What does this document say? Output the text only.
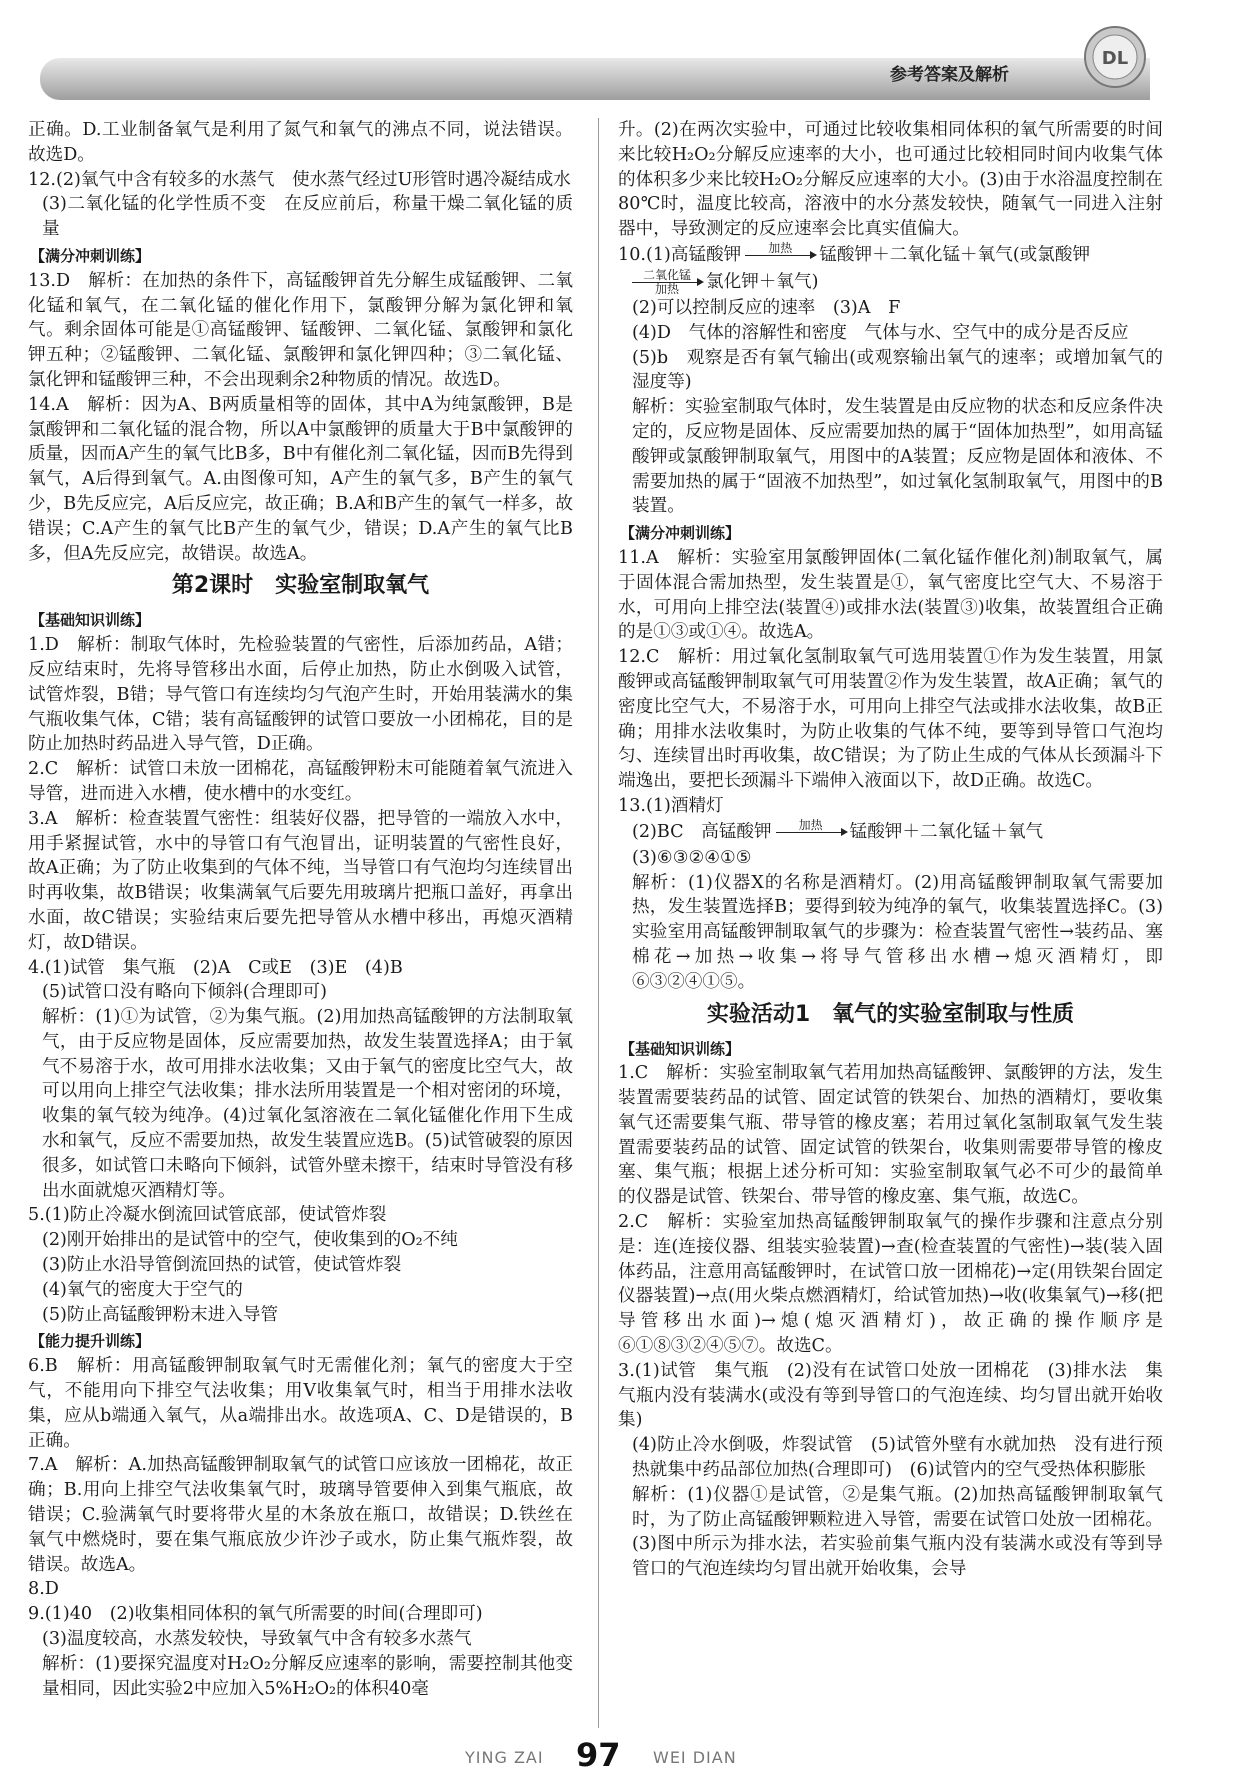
参考答案及解析
DL

正确。D.工业制备氧气是利用了氮气和氧气的沸点不同，说法错误。故选D。

12.(2)氧气中含有较多的水蒸气　使水蒸气经过U形管时遇冷凝结成水

(3)二氧化锰的化学性质不变　在反应前后，称量干燥二氧化锰的质量

【 满分冲刺训练 】

13.D　解析：在加热的条件下，高锰酸钾首先分解生成锰酸钾、二氧化锰和氧气，在二氧化锰的催化作用下，氯酸钾分解为氯化钾和氧气。剩余固体可能是①高锰酸钾、锰酸钾、二氧化锰、氯酸钾和氯化钾五种；②锰酸钾、二氧化锰、氯酸钾和氯化钾四种；③二氧化锰、氯化钾和锰酸钾三种，不会出现剩余2种物质的情况。故选D。

14.A　解析：因为A、B两质量相等的固体，其中A为纯氯酸钾，B是氯酸钾和二氧化锰的混合物，所以A中氯酸钾的质量大于B中氯酸钾的质量，因而A产生的氧气比B多，B中有催化剂二氧化锰，因而B先得到氧气，A后得到氧气。A.由图像可知，A产生的氧气多，B产生的氧气少，B先反应完，A后反应完，故正确；B.A和B产生的氧气一样多，故错误；C.A产生的氧气比B产生的氧气少，错误；D.A产生的氧气比B多，但A先反应完，故错误。故选A。

第2课时　实验室制取氧气
【 基础知识训练 】

1.D　解析：制取气体时，先检验装置的气密性，后添加药品，A错；反应结束时，先将导管移出水面，后停止加热，防止水倒吸入试管，试管炸裂，B错；导气管口有连续均匀气泡产生时，开始用装满水的集气瓶收集气体，C错；装有高锰酸钾的试管口要放一小团棉花，目的是防止加热时药品进入导气管，D正确。

2.C　解析：试管口未放一团棉花，高锰酸钾粉末可能随着氧气流进入导管，进而进入水槽，使水槽中的水变红。

3.A　解析：检查装置气密性：组装好仪器，把导管的一端放入水中，用手紧握试管，水中的导管口有气泡冒出，证明装置的气密性良好，故A正确；为了防止收集到的气体不纯，当导管口有气泡均匀连续冒出时再收集，故B错误；收集满氧气后要先用玻璃片把瓶口盖好，再拿出水面，故C错误；实验结束后要先把导管从水槽中移出，再熄灭酒精灯，故D错误。

4.(1)试管　集气瓶　(2)A　C或E　(3)E　(4)B

(5)试管口没有略向下倾斜(合理即可)

解析：(1)①为试管，②为集气瓶。(2)用加热高锰酸钾的方法制取氧气，由于反应物是固体，反应需要加热，故发生装置选择A；由于氧气不易溶于水，故可用排水法收集；又由于氧气的密度比空气大，故可以用向上排空气法收集；排水法所用装置是一个相对密闭的环境，收集的氧气较为纯净。(4)过氧化氢溶液在二氧化锰催化作用下生成水和氧气，反应不需要加热，故发生装置应选B。(5)试管破裂的原因很多，如试管口未略向下倾斜，试管外壁未擦干，结束时导管没有移出水面就熄灭酒精灯等。

5.(1)防止冷凝水倒流回试管底部，使试管炸裂

(2)刚开始排出的是试管中的空气，使收集到的O₂不纯

(3)防止水沿导管倒流回热的试管，使试管炸裂

(4)氧气的密度大于空气的

(5)防止高锰酸钾粉末进入导管

【 能力提升训练 】

6.B　解析：用高锰酸钾制取氧气时无需催化剂；氧气的密度大于空气，不能用向下排空气法收集；用V收集氧气时，相当于用排水法收集，应从b端通入氧气，从a端排出水。故选项A、C、D是错误的，B正确。

7.A　解析：A.加热高锰酸钾制取氧气的试管口应该放一团棉花，故正确；B.用向上排空气法收集氧气时，玻璃导管要伸入到集气瓶底，故错误；C.验满氧气时要将带火星的木条放在瓶口，故错误；D.铁丝在氧气中燃烧时，要在集气瓶底放少许沙子或水，防止集气瓶炸裂，故错误。故选A。

8.D

9.(1)40　(2)收集相同体积的氧气所需要的时间(合理即可)

(3)温度较高，水蒸发较快，导致氧气中含有较多水蒸气

解析：(1)要探究温度对H₂O₂分解反应速率的影响，需要控制其他变量相同，因此实验2中应加入5%H₂O₂的体积40毫

升。(2)在两次实验中，可通过比较收集相同体积的氧气所需要的时间来比较H₂O₂分解反应速率的大小，也可通过比较相同时间内收集气体的体积多少来比较H₂O₂分解反应速率的大小。(3)由于水浴温度控制在80℃时，温度比较高，溶液中的水分蒸发较快，随氧气一同进入注射器中，导致测定的反应速率会比真实值偏大。

10.(1)高锰酸钾 加热
锰酸钾＋二氧化锰＋氧气(或氯酸钾
二氧化锰
加热 氯化钾＋氧气)

(2)可以控制反应的速率　(3)A　F

(4)D　气体的溶解性和密度　气体与水、空气中的成分是否反应

(5)b　观察是否有氧气输出(或观察输出氧气的速率；或增加氧气的湿度等)

解析：实验室制取气体时，发生装置是由反应物的状态和反应条件决定的，反应物是固体、反应需要加热的属于“固体加热型”，如用高锰酸钾或氯酸钾制取氧气，用图中的A装置；反应物是固体和液体、不需要加热的属于“固液不加热型”，如过氧化氢制取氧气，用图中的B装置。

【 满分冲刺训练 】

11.A　解析：实验室用氯酸钾固体(二氧化锰作催化剂)制取氧气，属于固体混合需加热型，发生装置是①，氧气密度比空气大、不易溶于水，可用向上排空法(装置④)或排水法(装置③)收集，故装置组合正确的是①③或①④。故选A。

12.C　解析：用过氧化氢制取氧气可选用装置①作为发生装置，用氯酸钾或高锰酸钾制取氧气可用装置②作为发生装置，故A正确；氧气的密度比空气大，不易溶于水，可用向上排空气法或排水法收集，故B正确；用排水法收集时，为防止收集的气体不纯，要等到导管口气泡均匀、连续冒出时再收集，故C错误；为了防止生成的气体从长颈漏斗下端逸出，要把长颈漏斗下端伸入液面以下，故D正确。故选C。

13.(1)酒精灯

(2)BC　高锰酸钾 加热
锰酸钾＋二氧化锰＋氧气

(3)⑥③②④①⑤

解析：(1)仪器X的名称是酒精灯。(2)用高锰酸钾制取氧气需要加热，发生装置选择B；要得到较为纯净的氧气，收集装置选择C。(3)实验室用高锰酸钾制取氧气的步骤为：检查装置气密性→装药品、塞棉花→加热→收集→将导气管移出水槽→熄灭酒精灯，即⑥③②④①⑤。

实验活动1　氧气的实验室制取与性质
【 基础知识训练 】

1.C　解析：实验室制取氧气若用加热高锰酸钾、氯酸钾的方法，发生装置需要装药品的试管、固定试管的铁架台、加热的酒精灯，要收集氧气还需要集气瓶、带导管的橡皮塞；若用过氧化氢制取氧气发生装置需要装药品的试管、固定试管的铁架台，收集则需要带导管的橡皮塞、集气瓶；根据上述分析可知：实验室制取氧气必不可少的最简单的仪器是试管、铁架台、带导管的橡皮塞、集气瓶，故选C。

2.C　解析：实验室加热高锰酸钾制取氧气的操作步骤和注意点分别是：连(连接仪器、组装实验装置)→查(检查装置的气密性)→装(装入固体药品，注意用高锰酸钾时，在试管口放一团棉花)→定(用铁架台固定仪器装置)→点(用火柴点燃酒精灯，给试管加热)→收(收集氧气)→移(把导管移出水面)→熄(熄灭酒精灯)，故正确的操作顺序是⑥①⑧③②④⑤⑦。故选C。

3.(1)试管　集气瓶　(2)没有在试管口处放一团棉花　(3)排水法　集气瓶内没有装满水(或没有等到导管口的气泡连续、均匀冒出就开始收集)

(4)防止冷水倒吸，炸裂试管　(5)试管外壁有水就加热　没有进行预热就集中药品部位加热(合理即可)　(6)试管内的空气受热体积膨胀

解析：(1)仪器①是试管，②是集气瓶。(2)加热高锰酸钾制取氧气时，为了防止高锰酸钾颗粒进入导管，需要在试管口处放一团棉花。(3)图中所示为排水法，若实验前集气瓶内没有装满水或没有等到导管口的气泡连续均匀冒出就开始收集，会导

YING ZAI 97 WEI DIAN
